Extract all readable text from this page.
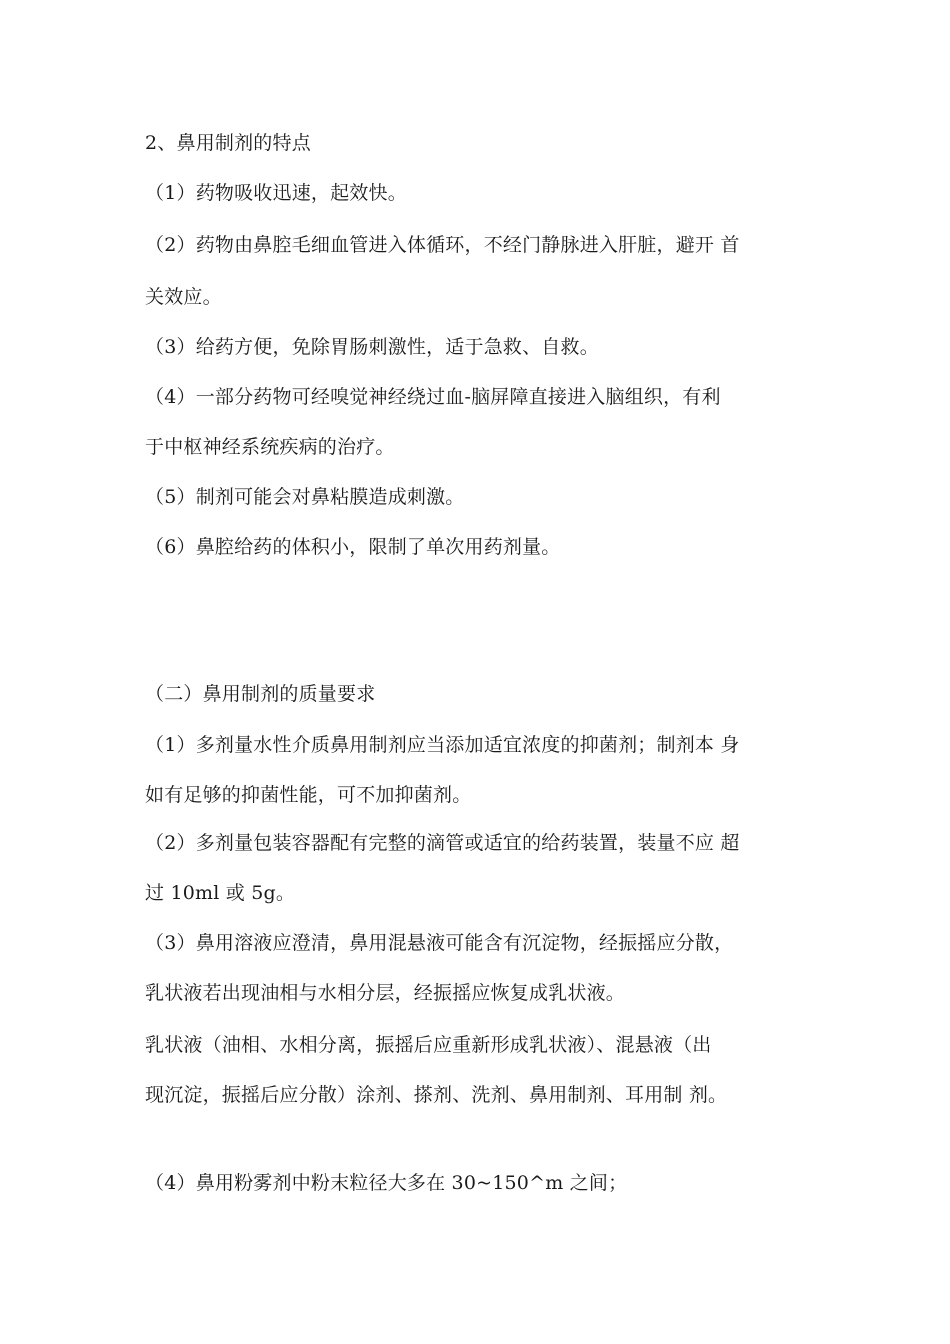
2、鼻用制剂的特点
（1）药物吸收迅速，起效快。
（2）药物由鼻腔毛细血管进入体循环，不经门静脉进入肝脏，避开 首
关效应。
（3）给药方便，免除胃肠刺激性，适于急救、自救。
（4）一部分药物可经嗅觉神经绕过血-脑屏障直接进入脑组织，有利
于中枢神经系统疾病的治疗。
（5）制剂可能会对鼻粘膜造成刺激。
（6）鼻腔给药的体积小，限制了单次用药剂量。
（二）鼻用制剂的质量要求
（1）多剂量水性介质鼻用制剂应当添加适宜浓度的抑菌剂；制剂本 身
如有足够的抑菌性能，可不加抑菌剂。
（2）多剂量包装容器配有完整的滴管或适宜的给药装置，装量不应 超
过 10ml 或 5g。
（3）鼻用溶液应澄清，鼻用混悬液可能含有沉淀物，经振摇应分散，
乳状液若出现油相与水相分层，经振摇应恢复成乳状液。
乳状液（油相、水相分离，振摇后应重新形成乳状液）、混悬液（出
现沉淀，振摇后应分散）涂剂、搽剂、洗剂、鼻用制剂、耳用制 剂。
（4）鼻用粉雾剂中粉末粒径大多在 30~150^m 之间；
